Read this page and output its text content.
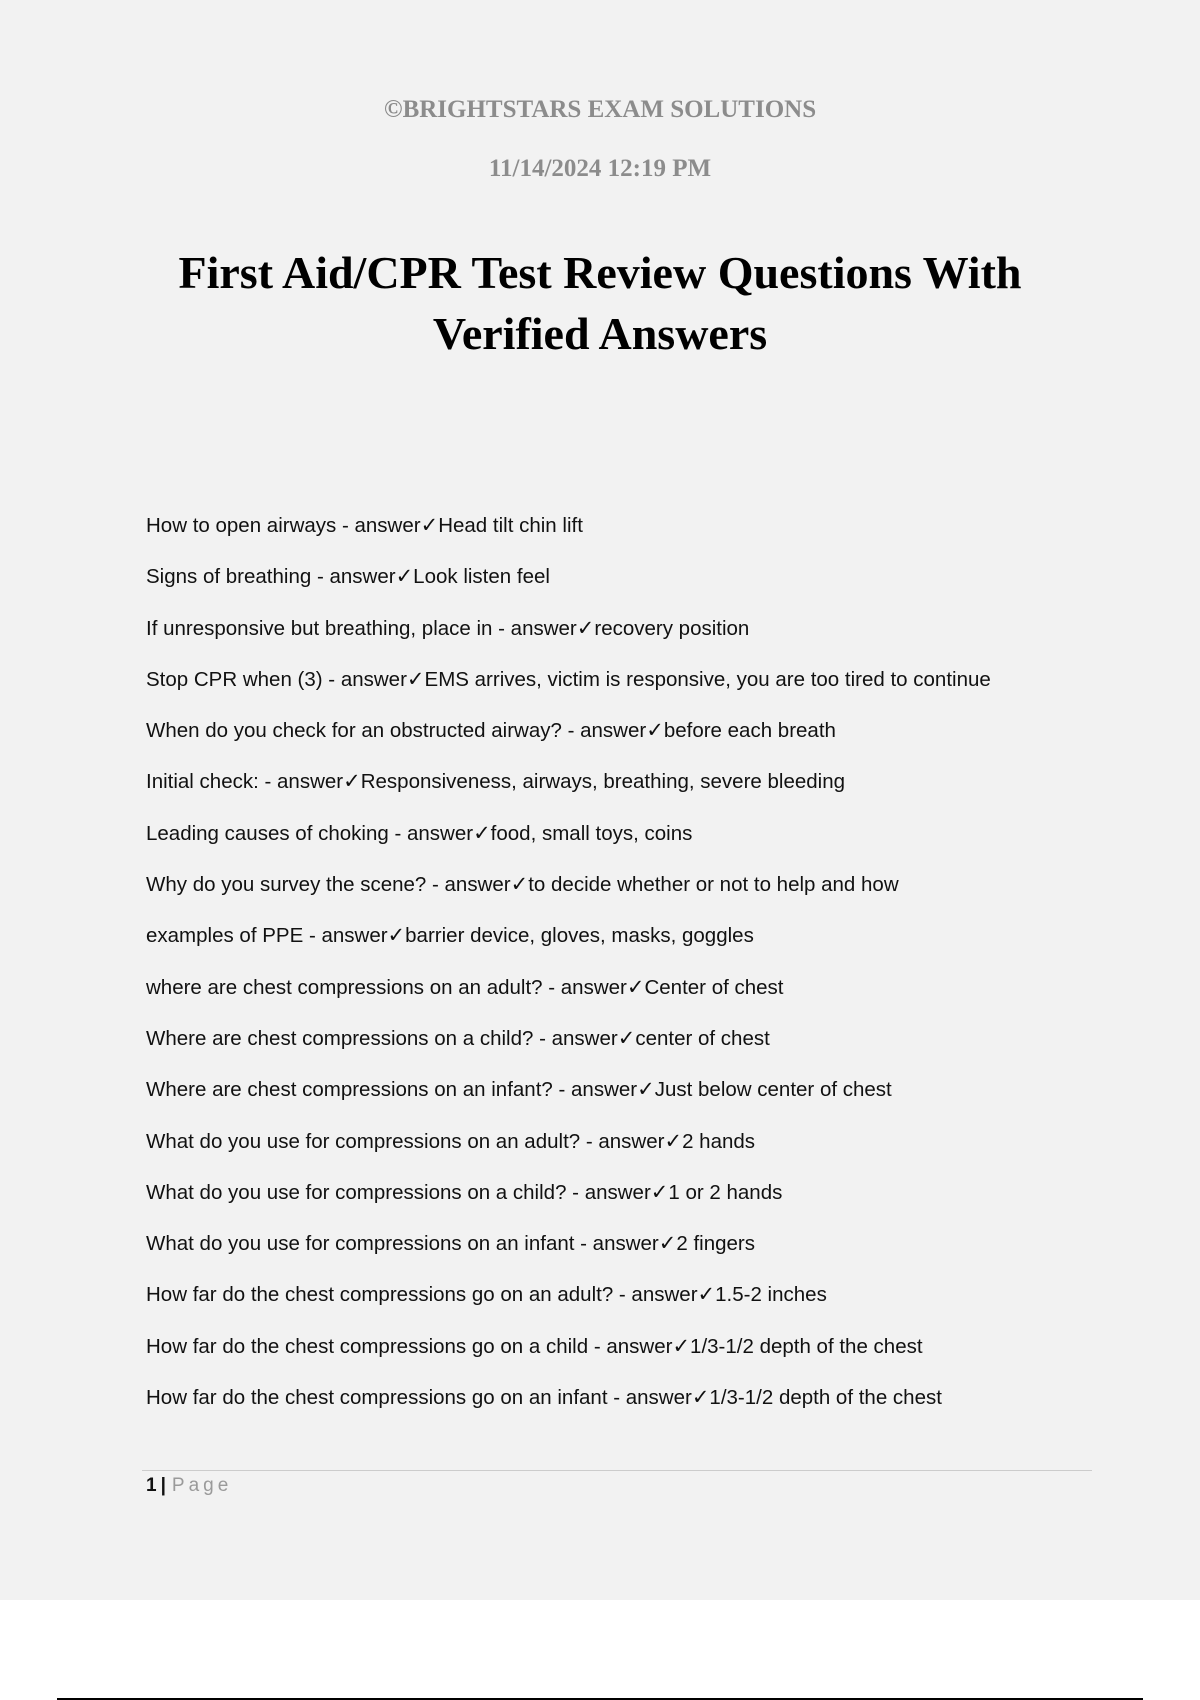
©BRIGHTSTARS EXAM SOLUTIONS
11/14/2024 12:19 PM
First Aid/CPR Test Review Questions With
Verified Answers
How to open airways - answer✓Head tilt chin lift
Signs of breathing - answer✓Look listen feel
If unresponsive but breathing, place in - answer✓recovery position
Stop CPR when (3) - answer✓EMS arrives, victim is responsive, you are too tired to continue
When do you check for an obstructed airway? - answer✓before each breath
Initial check: - answer✓Responsiveness, airways, breathing, severe bleeding
Leading causes of choking - answer✓food, small toys, coins
Why do you survey the scene? - answer✓to decide whether or not to help and how
examples of PPE - answer✓barrier device, gloves, masks, goggles
where are chest compressions on an adult? - answer✓Center of chest
Where are chest compressions on a child? - answer✓center of chest
Where are chest compressions on an infant? - answer✓Just below center of chest
What do you use for compressions on an adult? - answer✓2 hands
What do you use for compressions on a child? - answer✓1 or 2 hands
What do you use for compressions on an infant - answer✓2 fingers
How far do the chest compressions go on an adult? - answer✓1.5-2 inches
How far do the chest compressions go on a child - answer✓1/3-1/2 depth of the chest
How far do the chest compressions go on an infant - answer✓1/3-1/2 depth of the chest
1 | Page
